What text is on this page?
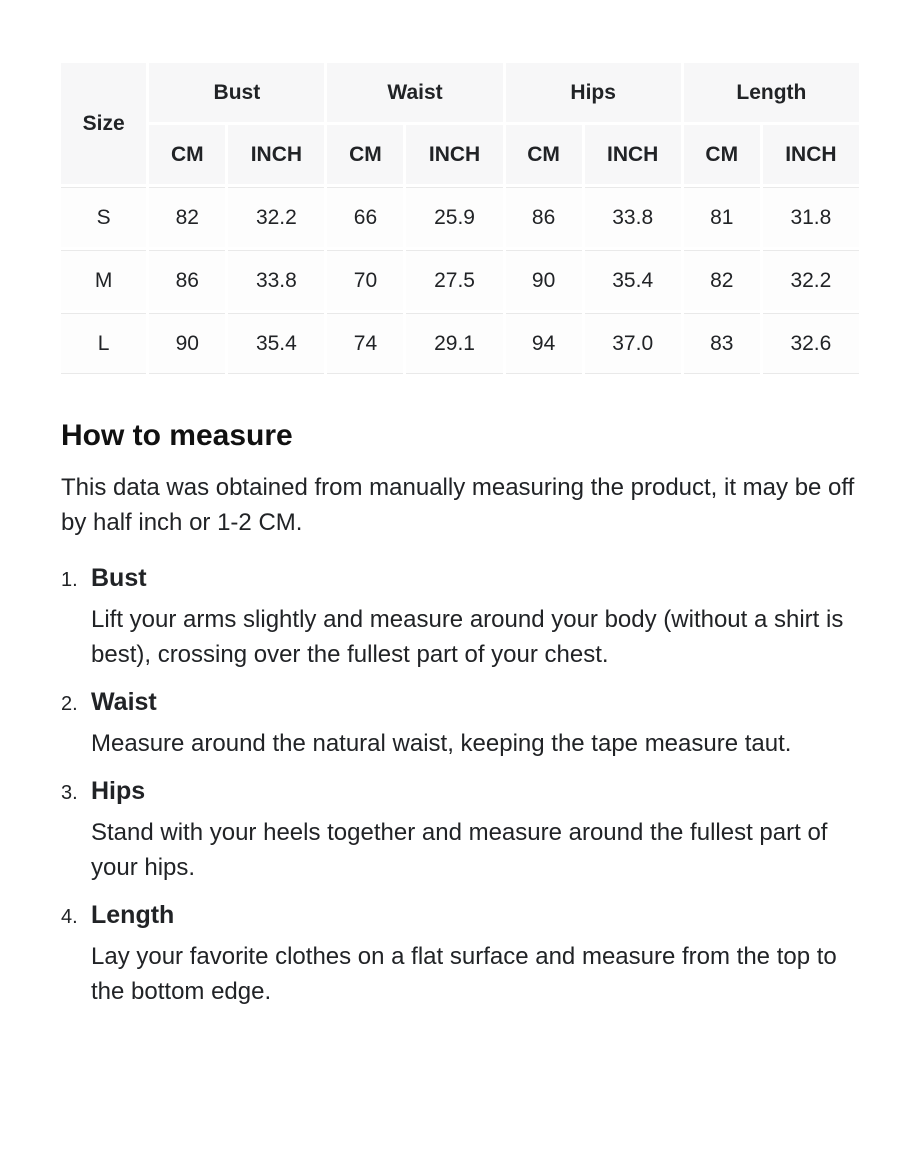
Size	Bust		Waist		Hips		Length	
	CM	INCH	CM	INCH	CM	INCH	CM	INCH
S	82	32.2	66	25.9	86	33.8	81	31.8
M	86	33.8	70	27.5	90	35.4	82	32.2
L	90	35.4	74	29.1	94	37.0	83	32.6
How to measure

This data was obtained from manually measuring the product, it may be off by half inch or 1-2 CM.

1. Bust
Lift your arms slightly and measure around your body (without a shirt is best), crossing over the fullest part of your chest.
2. Waist
Measure around the natural waist, keeping the tape measure taut.
3. Hips
Stand with your heels together and measure around the fullest part of your hips.
4. Length
Lay your favorite clothes on a flat surface and measure from the top to the bottom edge.
